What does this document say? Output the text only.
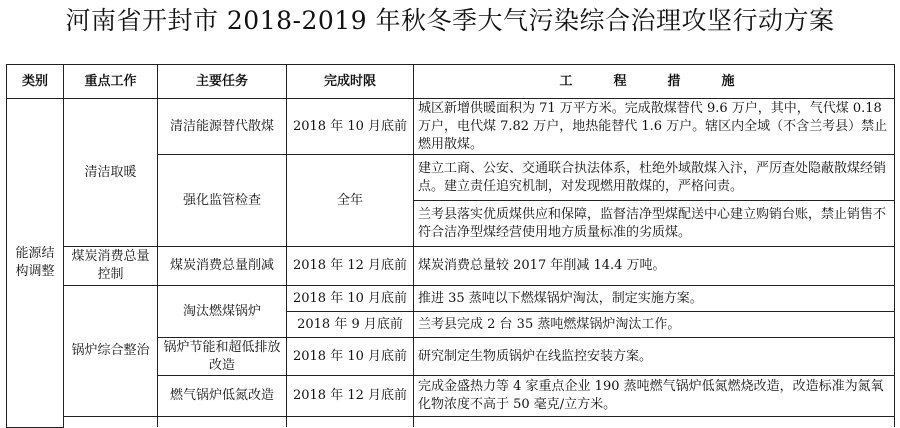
河南省开封市 2018-2019 年秋冬季大气污染综合治理攻坚行动方案
类别	重点工作	主要任务	完成时限	工　程　措　施
能源结构调整	清洁取暖	清洁能源替代散煤	2018 年 10 月底前	城区新增供暖面积为 71 万平方米。完成散煤替代 9.6 万户，其中，气代煤 0.18 万户，电代煤 7.82 万户，地热能替代 1.6 万户。辖区内全域（不含兰考县）禁止燃用散煤。
		强化监管检查	全年	建立工商、公安、交通联合执法体系，杜绝外域散煤入汴，严厉查处隐蔽散煤经销点。建立责任追究机制，对发现燃用散煤的，严格问责。
				兰考县落实优质煤供应和保障，监督洁净型煤配送中心建立购销台账，禁止销售不符合洁净型煤经营使用地方质量标准的劣质煤。
	煤炭消费总量控制	煤炭消费总量削减	2018 年 12 月底前	煤炭消费总量较 2017 年削减 14.4 万吨。
	锅炉综合整治	淘汰燃煤锅炉	2018 年 10 月底前	推进 35 蒸吨以下燃煤锅炉淘汰，制定实施方案。
			2018 年 9 月底前	兰考县完成 2 台 35 蒸吨燃煤锅炉淘汰工作。
		锅炉节能和超低排放改造	2018 年 10 月底前	研究制定生物质锅炉在线监控安装方案。
		燃气锅炉低氮改造	2018 年 12 月底前	完成金盛热力等 4 家重点企业 190 蒸吨燃气锅炉低氮燃烧改造，改造标准为氮氧化物浓度不高于 50 毫克/立方米。
